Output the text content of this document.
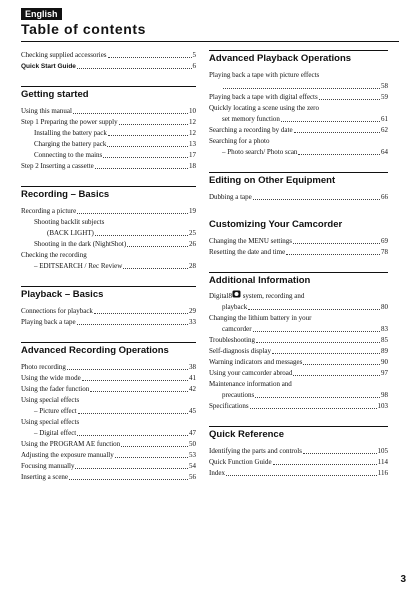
English
Table of contents
Checking supplied accessories	5
Quick Start Guide	6
Getting started
Using this manual	10
Step 1 Preparing the power supply	12
Installing the battery pack	12
Charging the battery pack	13
Connecting to the mains	17
Step 2 Inserting a cassette	18
Recording – Basics
Recording a picture	19
Shooting backlit subjects
(BACK LIGHT)	25
Shooting in the dark (NightShot)	26
Checking the recording
– EDITSEARCH / Rec Review	28
Playback – Basics
Connections for playback	29
Playing back a tape	33
Advanced Recording Operations
Photo recording	38
Using the wide mode	41
Using the fader function	42
Using special effects
– Picture effect	45
Using special effects
– Digital effect	47
Using the PROGRAM AE function	50
Adjusting the exposure manually	53
Focusing manually	54
Inserting a scene	56
Advanced Playback Operations
Playing back a tape with picture effects
58
Playing back a tape with digital effects	59
Quickly locating a scene using the zero
set memory function	61
Searching a recording by date	62
Searching for a photo
– Photo search/ Photo scan	64
Editing on Other Equipment
Dubbing a tape	66
Customizing Your Camcorder
Changing the MENU settings	69
Resetting the date and time	78
Additional Information
Digital8 system, recording and
playback	80
Changing the lithium battery in your
camcorder	83
Troubleshooting	85
Self-diagnosis display	89
Warning indicators and messages	90
Using your camcorder abroad	97
Maintenance information and
precautions	98
Specifications	103
Quick Reference
Identifying the parts and controls	105
Quick Function Guide	114
Index	116
3
